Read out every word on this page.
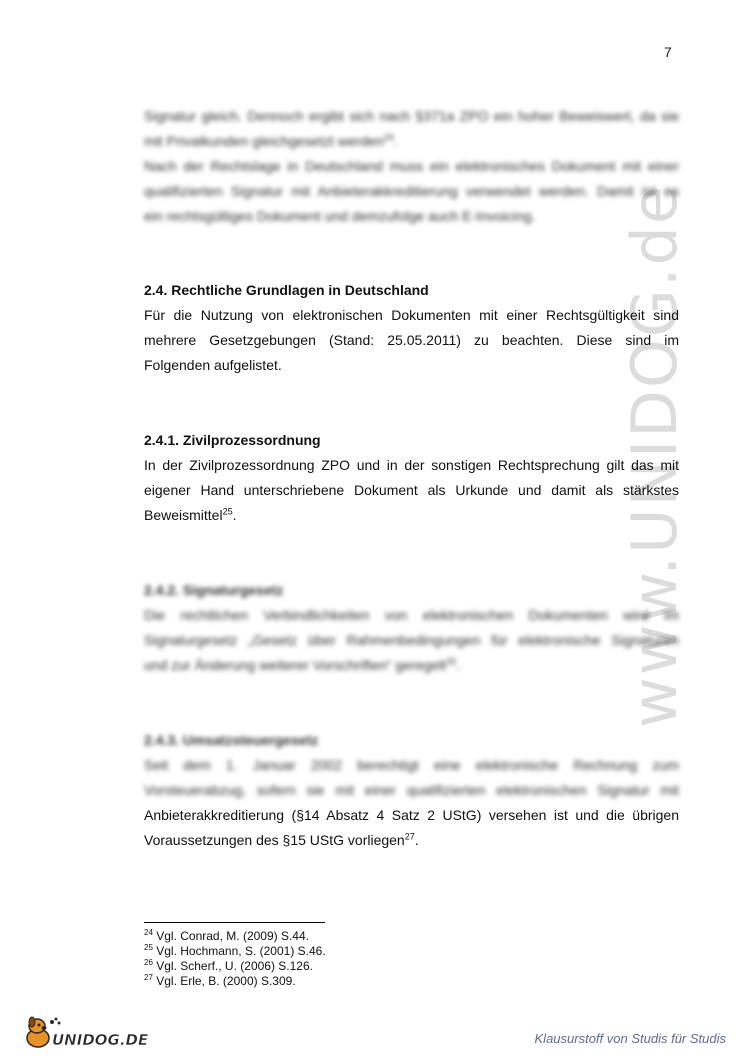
7
www.UNIDOG.de
Signatur gleich. Dennoch ergibt sich nach §371a ZPO ein hoher Beweiswert, da sie
mit Privatkunden gleichgesetzt werden$^{24}$.
Nach der Rechtslage in Deutschland muss ein elektronisches Dokument mit einer
qualifizierten Signatur mit Anbieterakkreditierung verwendet werden. Damit ist es
ein rechtsgültiges Dokument und demzufolge auch E-Invoicing.
2.4. Rechtliche Grundlagen in Deutschland
Für die Nutzung von elektronischen Dokumenten mit einer Rechtsgültigkeit sind
mehrere Gesetzgebungen (Stand: 25.05.2011) zu beachten. Diese sind im
Folgenden aufgelistet.
2.4.1. Zivilprozessordnung
In der Zivilprozessordnung ZPO und in der sonstigen Rechtsprechung gilt das mit
eigener Hand unterschriebene Dokument als Urkunde und damit als stärkstes
Beweismittel$^{25}$.
2.4.2. Signaturgesetz
Die rechtlichen Verbindlichkeiten von elektronischen Dokumenten wird im
Signaturgesetz „Gesetz über Rahmenbedingungen für elektronische Signaturen
und zur Änderung weiterer Vorschriften“ geregelt$^{26}$.
2.4.3. Umsatzsteuergesetz
Seit dem 1. Januar 2002 berechtigt eine elektronische Rechnung zum
Vorsteuerabzug, sofern sie mit einer qualifizierten elektronischen Signatur mit
Anbieterakkreditierung (§14 Absatz 4 Satz 2 UStG) versehen ist und die übrigen
Voraussetzungen des §15 UStG vorliegen$^{27}$.
$^{24}$ Vgl. Conrad, M. (2009) S.44.
$^{25}$ Vgl. Hochmann, S. (2001) S.46.
$^{26}$ Vgl. Scherf., U. (2006) S.126.
$^{27}$ Vgl. Erle, B. (2000) S.309.
UNIDOG.DE	Klausurstoff von Studis für Studis
